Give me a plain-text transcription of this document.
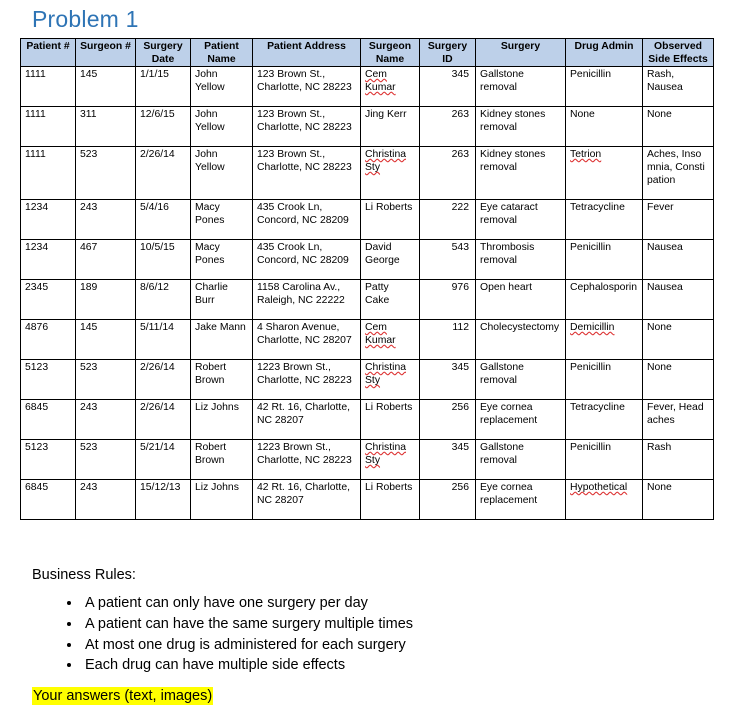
Problem 1
Patient #	Surgeon #	Surgery Date	Patient Name	Patient Address	Surgeon Name	Surgery ID	Surgery	Drug Admin	Observed Side Effects
1111	145	1/1/15	John Yellow	123 Brown St., Charlotte, NC 28223	Cem Kumar	345	Gallstone removal	Penicillin	Rash, Nausea
1111	311	12/6/15	John Yellow	123 Brown St., Charlotte, NC 28223	Jing Kerr	263	Kidney stones removal	None	None
1111	523	2/26/14	John Yellow	123 Brown St., Charlotte, NC 28223	Christina Sty	263	Kidney stones removal	Tetrion	Aches, Insomnia, Constipation
1234	243	5/4/16	Macy Pones	435 Crook Ln, Concord, NC 28209	Li Roberts	222	Eye cataract removal	Tetracycline	Fever
1234	467	10/5/15	Macy Pones	435 Crook Ln, Concord, NC 28209	David George	543	Thrombosis removal	Penicillin	Nausea
2345	189	8/6/12	Charlie Burr	1158 Carolina Av., Raleigh, NC 22222	Patty Cake	976	Open heart	Cephalosporin	Nausea
4876	145	5/11/14	Jake Mann	4 Sharon Avenue, Charlotte, NC 28207	Cem Kumar	112	Cholecystectomy	Demicillin	None
5123	523	2/26/14	Robert Brown	1223 Brown St., Charlotte, NC 28223	Christina Sty	345	Gallstone removal	Penicillin	None
6845	243	2/26/14	Liz Johns	42 Rt. 16, Charlotte, NC 28207	Li Roberts	256	Eye cornea replacement	Tetracycline	Fever, Headaches
5123	523	5/21/14	Robert Brown	1223 Brown St., Charlotte, NC 28223	Christina Sty	345	Gallstone removal	Penicillin	Rash
6845	243	15/12/13	Liz Johns	42 Rt. 16, Charlotte, NC 28207	Li Roberts	256	Eye cornea replacement	Hypothetical	None

Business Rules:

• A patient can only have one surgery per day
• A patient can have the same surgery multiple times
• At most one drug is administered for each surgery
• Each drug can have multiple side effects
Your answers (text, images)
